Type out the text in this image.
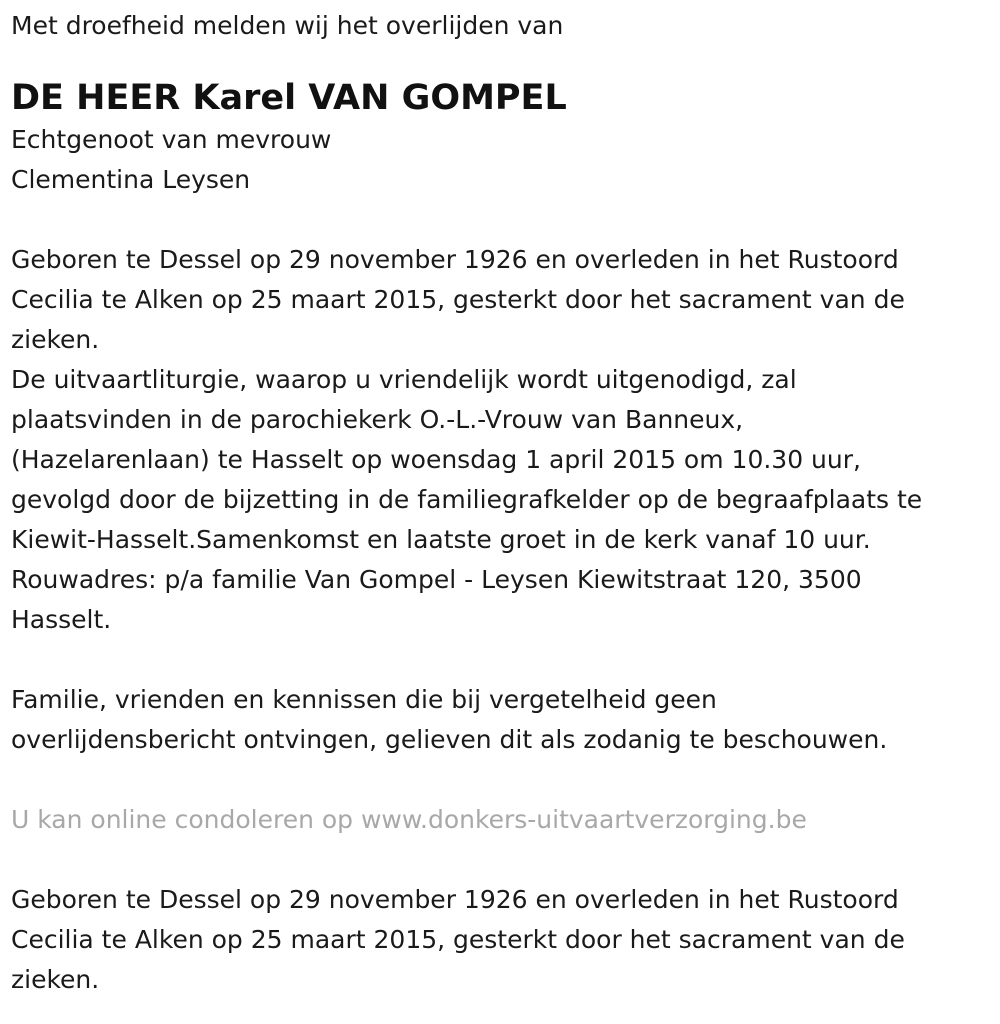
Met droefheid melden wij het overlijden van

DE HEER Karel VAN GOMPEL

Echtgenoot van mevrouw

Clementina Leysen

Geboren te Dessel op 29 november 1926 en overleden in het Rustoord

Cecilia te Alken op 25 maart 2015, gesterkt door het sacrament van de

zieken.

De uitvaartliturgie, waarop u vriendelijk wordt uitgenodigd, zal

plaatsvinden in de parochiekerk O.-L.-Vrouw van Banneux,

(Hazelarenlaan) te Hasselt op woensdag 1 april 2015 om 10.30 uur,

gevolgd door de bijzetting in de familiegrafkelder op de begraafplaats te

Kiewit-Hasselt.Samenkomst en laatste groet in de kerk vanaf 10 uur.

Rouwadres: p/a familie Van Gompel - Leysen Kiewitstraat 120, 3500

Hasselt.

Familie, vrienden en kennissen die bij vergetelheid geen

overlijdensbericht ontvingen, gelieven dit als zodanig te beschouwen.

U kan online condoleren op www.donkers-uitvaartverzorging.be

Geboren te Dessel op 29 november 1926 en overleden in het Rustoord

Cecilia te Alken op 25 maart 2015, gesterkt door het sacrament van de

zieken.
